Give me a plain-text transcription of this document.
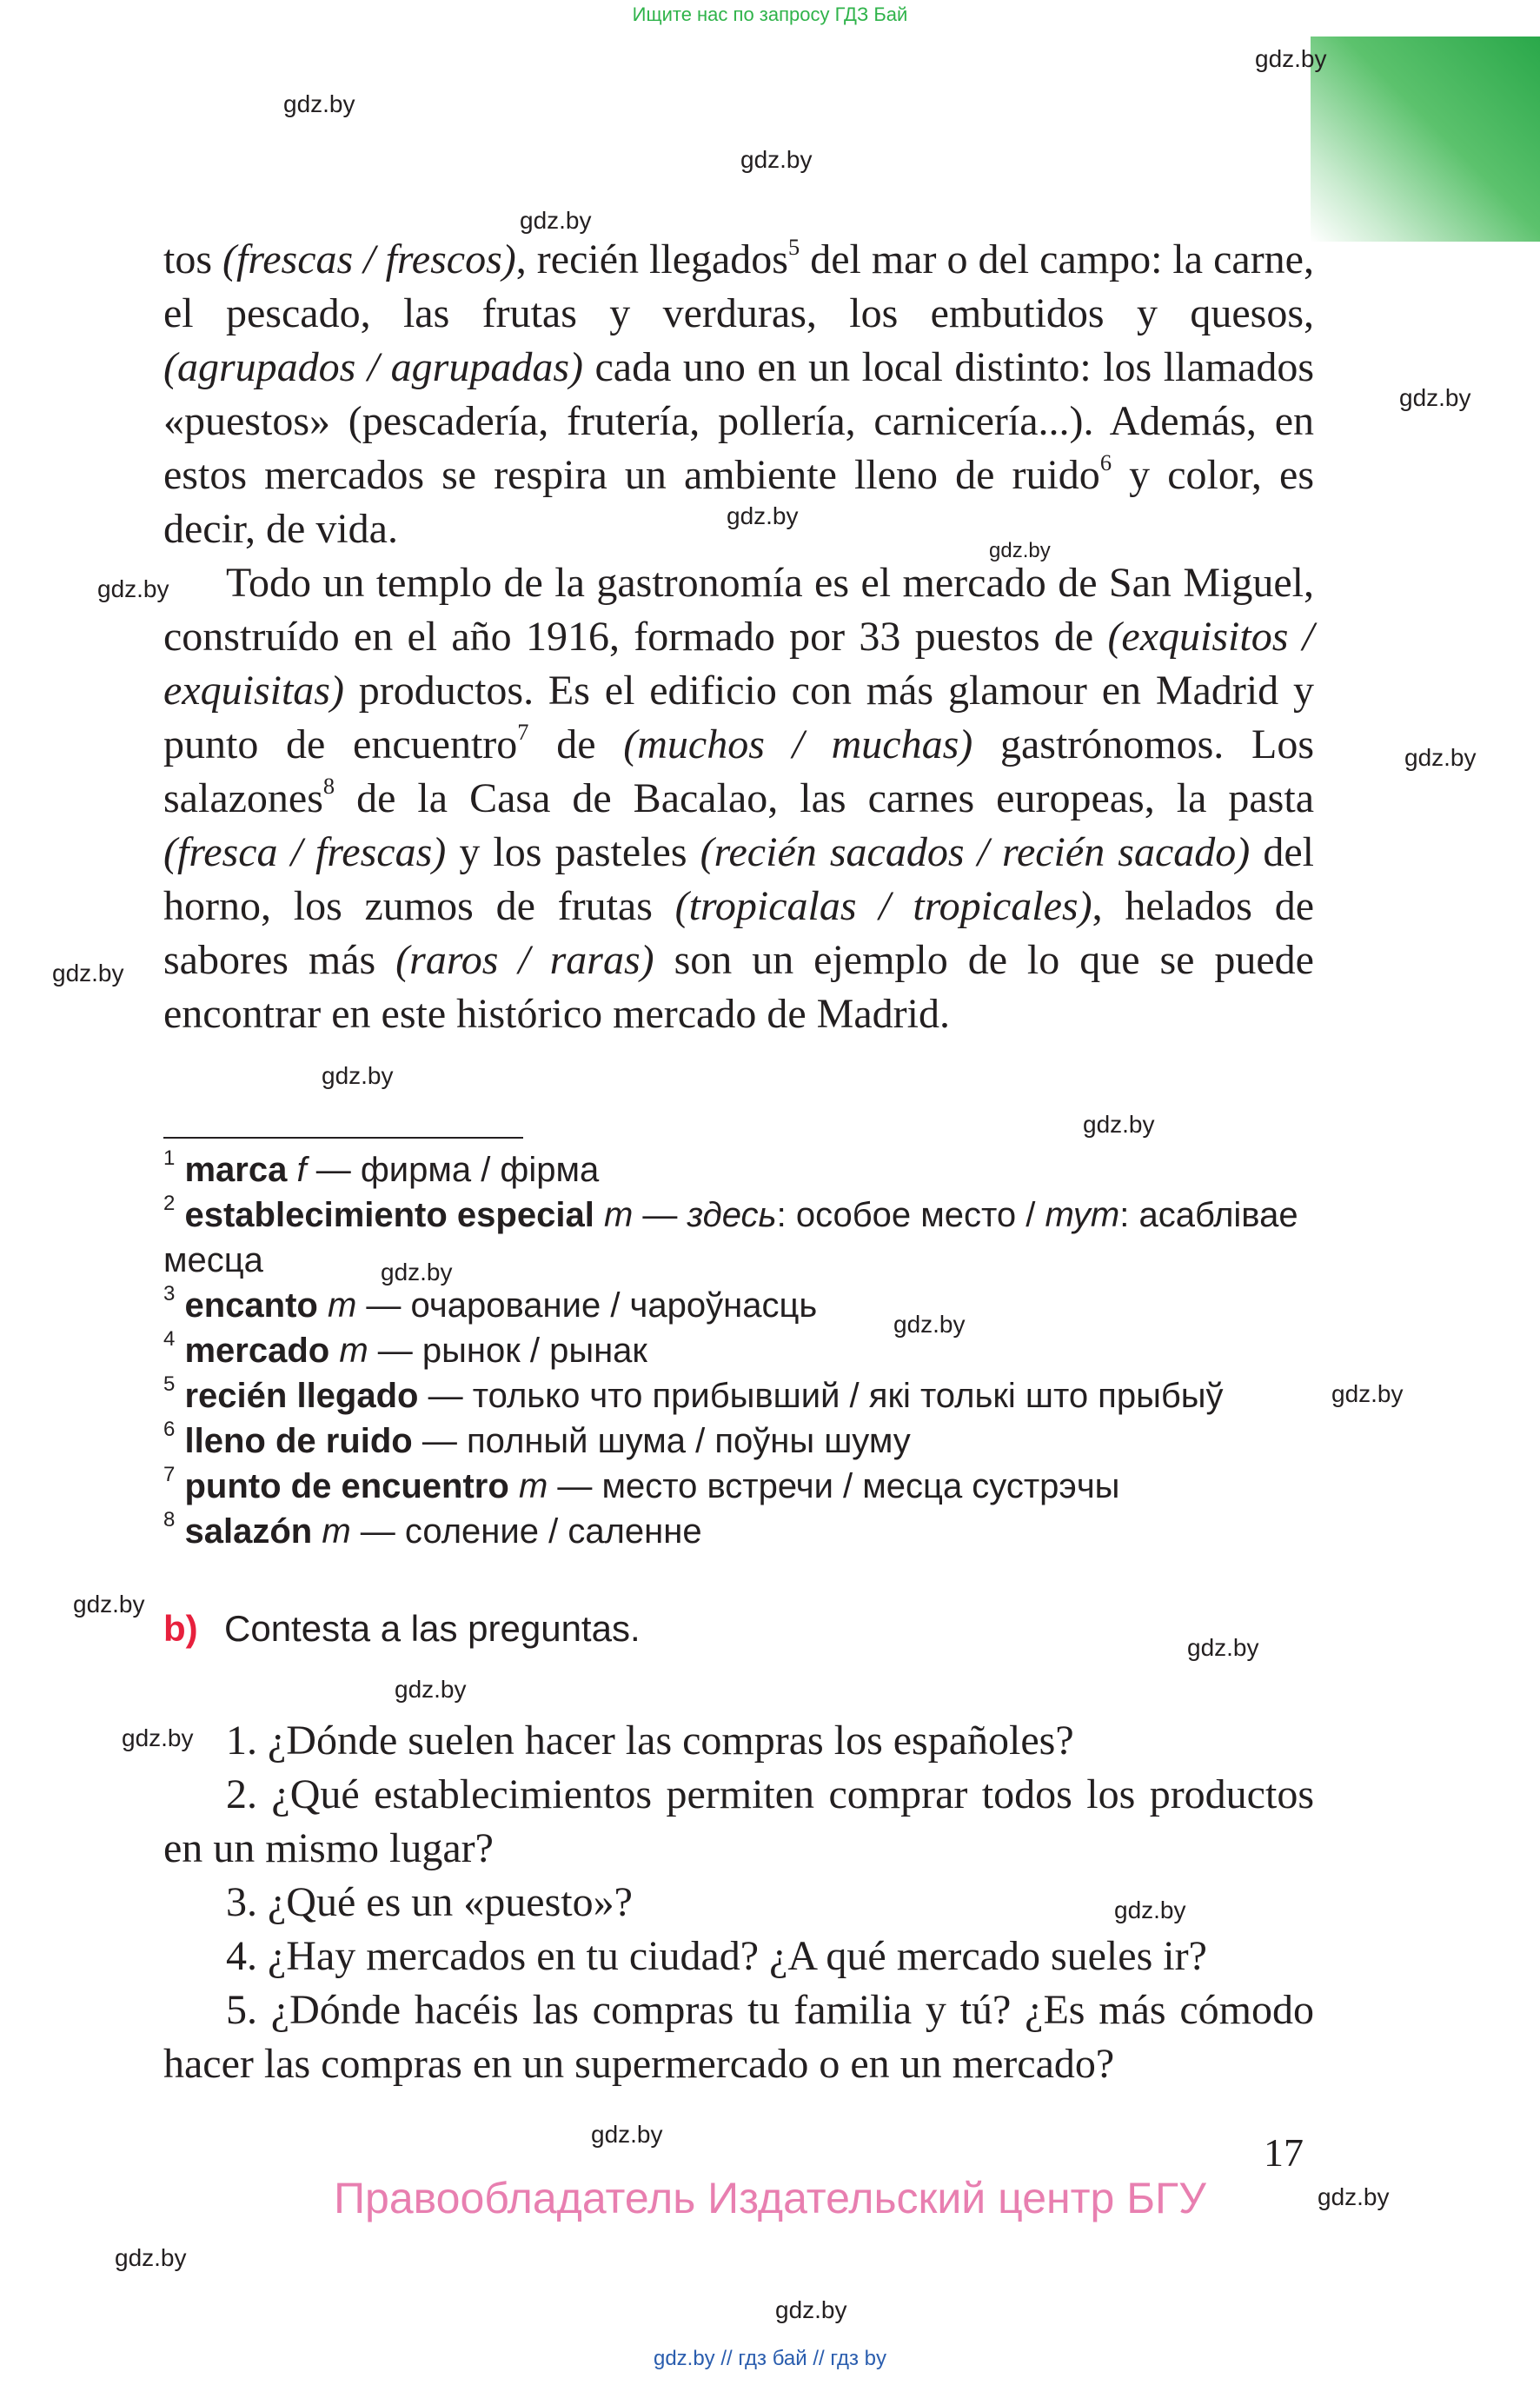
Ищите нас по запросу ГДЗ Бай
gdz.by
gdz.by
gdz.by
gdz.by
gdz.by
gdz.by
gdz.by
gdz.by
gdz.by
gdz.by
gdz.by
gdz.by
gdz.by
gdz.by
gdz.by
gdz.by
gdz.by
gdz.by
gdz.by
gdz.by
gdz.by
gdz.by
gdz.by
gdz.by

tos (frescas / frescos), recién llegados$^5$ del mar o del campo: la carne, el pescado, las frutas y verduras, los embutidos y quesos, (agrupados / agrupadas) cada uno en un local distinto: los llamados «puestos» (pescadería, frutería, pollería, carnicería...). Además, en estos mercados se respira un ambiente lleno de ruido$^6$ y color, es decir, de vida.

Todo un templo de la gastronomía es el mercado de San Miguel, construído en el año 1916, formado por 33 puestos de (exquisitos / exquisitas) productos. Es el edificio con más glamour en Madrid y punto de encuentro$^7$ de (muchos / muchas) gastrónomos. Los salazones$^8$ de la Casa de Bacalao, las carnes europeas, la pasta (fresca / frescas) y los pasteles (recién sacados / recién sacado) del horno, los zumos de frutas (tropicalas / tropicales), helados de sabores más (raros / raras) son un ejemplo de lo que se puede encontrar en este histórico mercado de Madrid.

$^1$ marca f — фирма / фірма

$^2$ establecimiento especial m — здесь: особое место / тут: асаблівае месца

$^3$ encanto m — очарование / чароўнасць

$^4$ mercado m — рынок / рынак

$^5$ recién llegado — только что прибывший / які толькі што прыбыў

$^6$ lleno de ruido — полный шума / поўны шуму

$^7$ punto de encuentro m — место встречи / месца сустрэчы

$^8$ salazón m — соление / саленне

b) Contesta a las preguntas.

1. ¿Dónde suelen hacer las compras los españoles?

2. ¿Qué establecimientos permiten comprar todos los productos en un mismo lugar?

3. ¿Qué es un «puesto»?

4. ¿Hay mercados en tu ciudad? ¿A qué mercado sueles ir?

5. ¿Dónde hacéis las compras tu familia y tú? ¿Es más cómodo hacer las compras en un supermercado o en un mercado?

17
Правообладатель Издательский центр БГУ
gdz.by // гдз бай // гдз by
